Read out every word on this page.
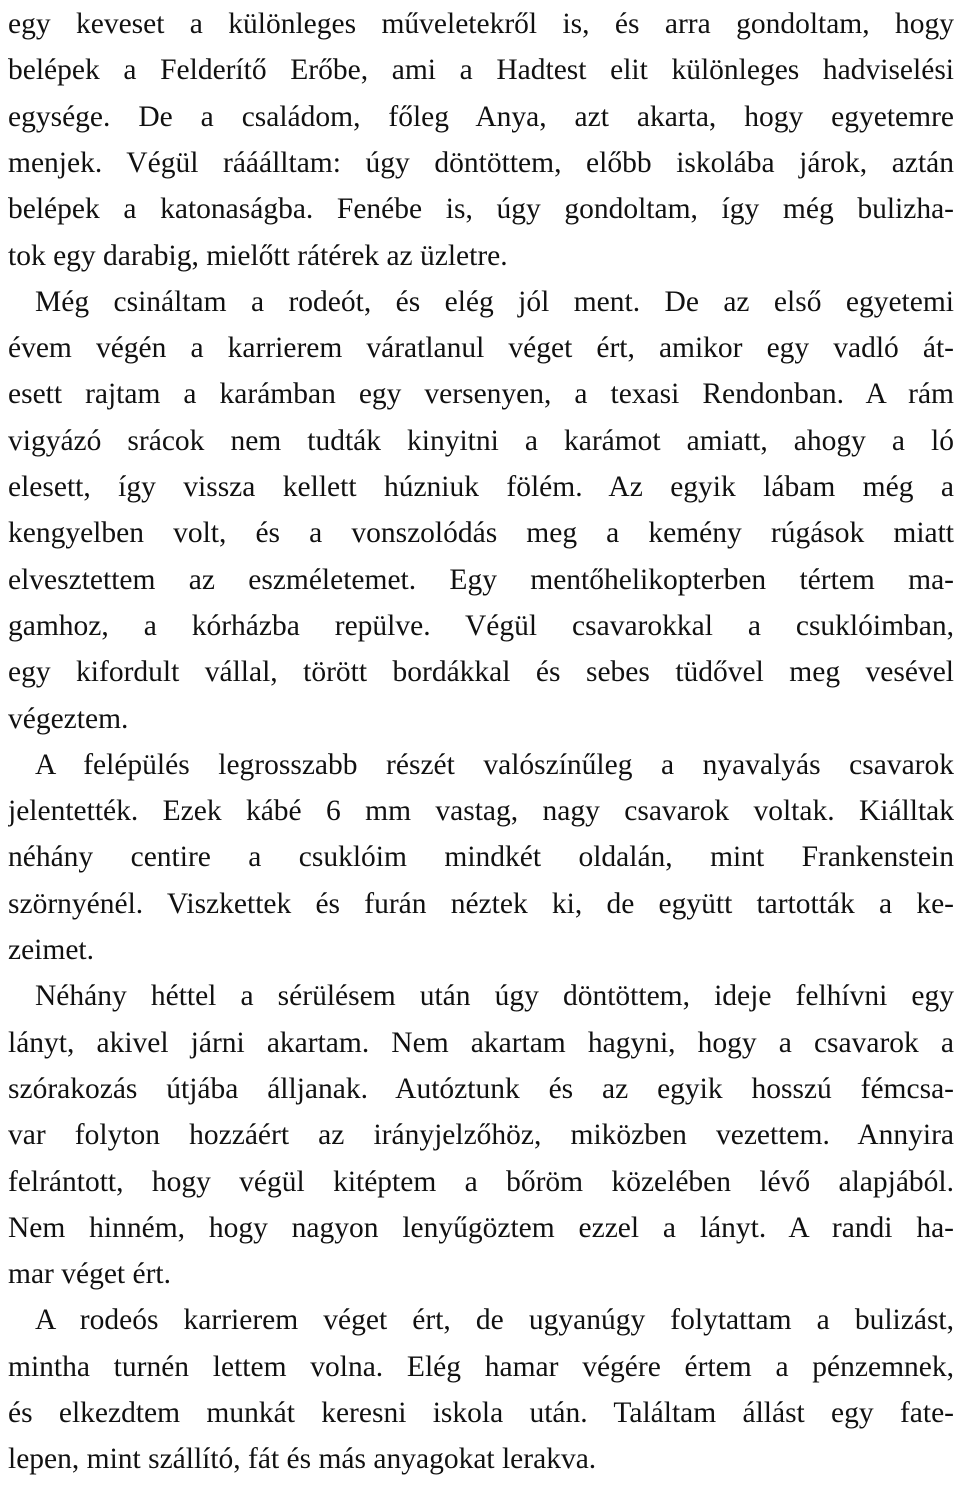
egy keveset a különleges műveletekről is, és arra gondoltam, hogy
belépek a Felderítő Erőbe, ami a Hadtest elit különleges hadviselési
egysége. De a családom, főleg Anya, azt akarta, hogy egyetemre
menjek. Végül rááálltam: úgy döntöttem, előbb iskolába járok, aztán
belépek a katonaságba. Fenébe is, úgy gondoltam, így még bulizha-
tok egy darabig, mielőtt rátérek az üzletre.
Még csináltam a rodeót, és elég jól ment. De az első egyetemi
évem végén a karrierem váratlanul véget ért, amikor egy vadló át-
esett rajtam a karámban egy versenyen, a texasi Rendonban. A rám
vigyázó srácok nem tudták kinyitni a karámot amiatt, ahogy a ló
elesett, így vissza kellett húzniuk fölém. Az egyik lábam még a
kengyelben volt, és a vonszolódás meg a kemény rúgások miatt
elvesztettem az eszméletemet. Egy mentőhelikopterben tértem ma-
gamhoz, a kórházba repülve. Végül csavarokkal a csuklóimban,
egy kifordult vállal, törött bordákkal és sebes tüdővel meg vesével
végeztem.
A felépülés legrosszabb részét valószínűleg a nyavalyás csavarok
jelentették. Ezek kábé 6 mm vastag, nagy csavarok voltak. Kiálltak
néhány centire a csuklóim mindkét oldalán, mint Frankenstein
szörnyénél. Viszkettek és furán néztek ki, de együtt tartották a ke-
zeimet.
Néhány héttel a sérülésem után úgy döntöttem, ideje felhívni egy
lányt, akivel járni akartam. Nem akartam hagyni, hogy a csavarok a
szórakozás útjába álljanak. Autóztunk és az egyik hosszú fémcsa-
var folyton hozzáért az irányjelzőhöz, miközben vezettem. Annyira
felrántott, hogy végül kitéptem a bőröm közelében lévő alapjából.
Nem hinném, hogy nagyon lenyűgöztem ezzel a lányt. A randi ha-
mar véget ért.
A rodeós karrierem véget ért, de ugyanúgy folytattam a bulizást,
mintha turnén lettem volna. Elég hamar végére értem a pénzemnek,
és elkezdtem munkát keresni iskola után. Találtam állást egy fate-
lepen, mint szállító, fát és más anyagokat lerakva.
